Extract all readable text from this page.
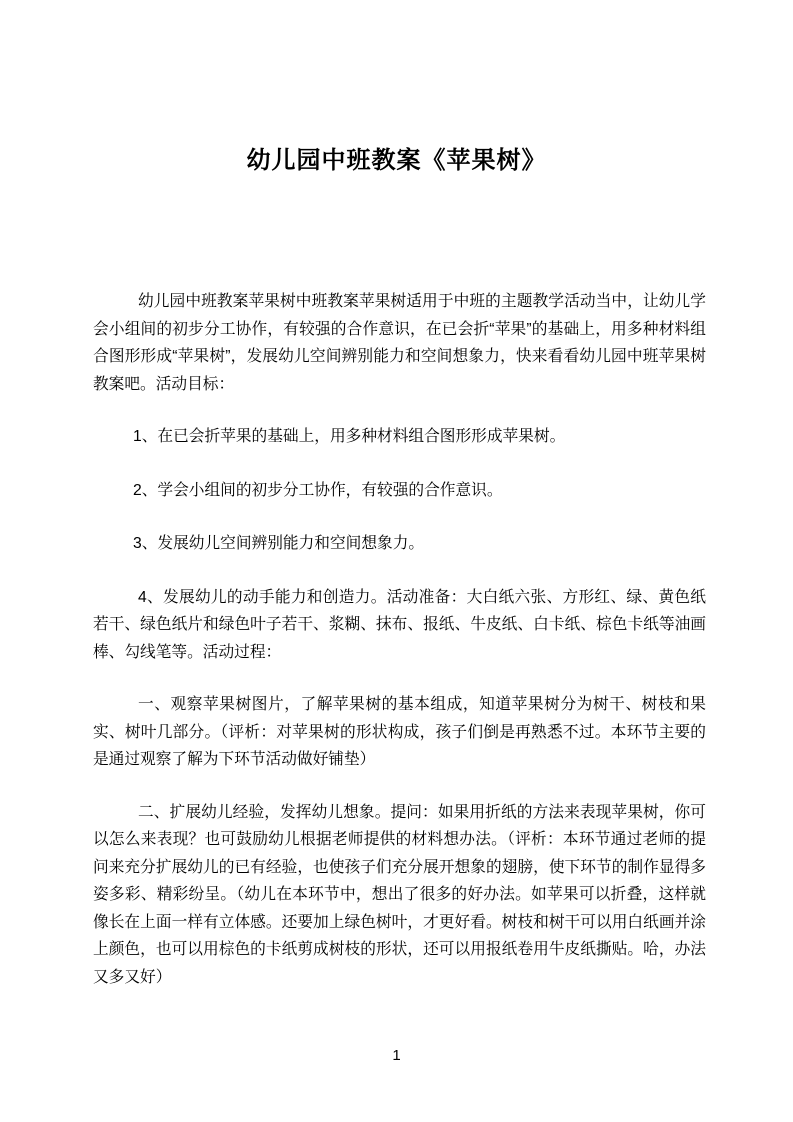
幼儿园中班教案《苹果树》

幼儿园中班教案苹果树中班教案苹果树适用于中班的主题教学活动当中，让幼儿学会小组间的初步分工协作，有较强的合作意识，在已会折“苹果”的基础上，用多种材料组合图形形成“苹果树”，发展幼儿空间辨别能力和空间想象力，快来看看幼儿园中班苹果树教案吧。活动目标：

1、在已会折苹果的基础上，用多种材料组合图形形成苹果树。

2、学会小组间的初步分工协作，有较强的合作意识。

3、发展幼儿空间辨别能力和空间想象力。

4、发展幼儿的动手能力和创造力。活动准备：大白纸六张、方形红、绿、黄色纸若干、绿色纸片和绿色叶子若干、浆糊、抹布、报纸、牛皮纸、白卡纸、棕色卡纸等油画棒、勾线笔等。活动过程：

一、观察苹果树图片，了解苹果树的基本组成，知道苹果树分为树干、树枝和果实、树叶几部分。（评析：对苹果树的形状构成，孩子们倒是再熟悉不过。本环节主要的是通过观察了解为下环节活动做好铺垫）

二、扩展幼儿经验，发挥幼儿想象。提问：如果用折纸的方法来表现苹果树，你可以怎么来表现？也可鼓励幼儿根据老师提供的材料想办法。（评析：本环节通过老师的提问来充分扩展幼儿的已有经验，也使孩子们充分展开想象的翅膀，使下环节的制作显得多姿多彩、精彩纷呈。（幼儿在本环节中，想出了很多的好办法。如苹果可以折叠，这样就像长在上面一样有立体感。还要加上绿色树叶，才更好看。树枝和树干可以用白纸画并涂上颜色，也可以用棕色的卡纸剪成树枝的形状，还可以用报纸卷用牛皮纸撕贴。哈，办法又多又好）

1
